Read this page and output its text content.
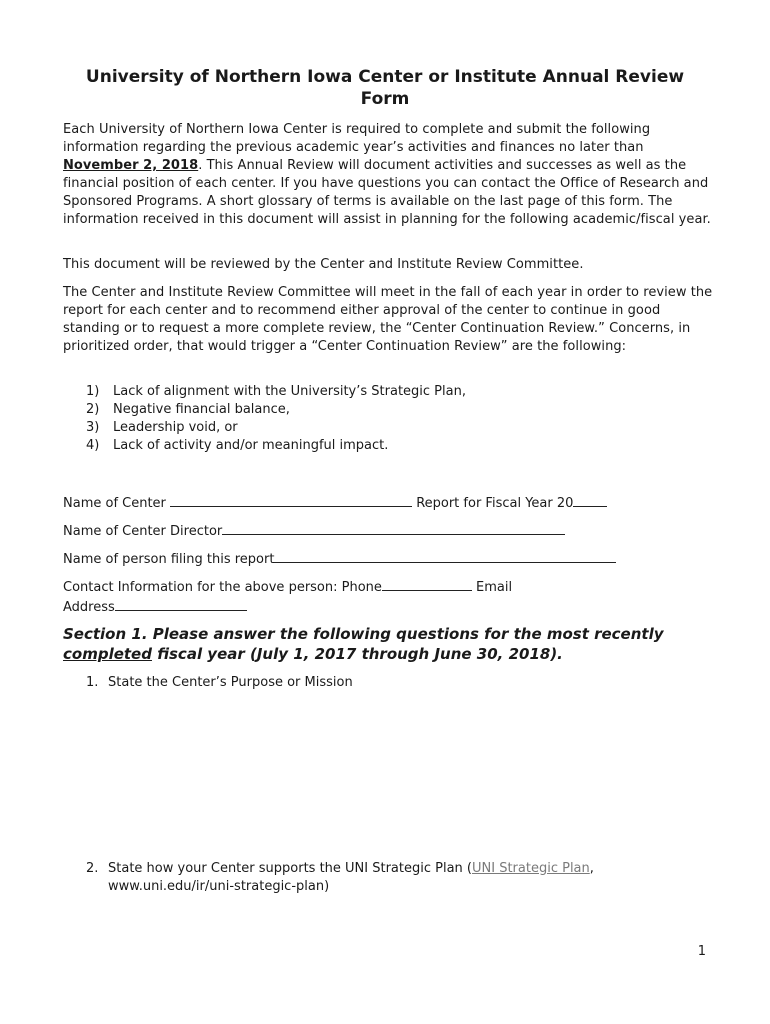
University of Northern Iowa Center or Institute Annual Review Form
Each University of Northern Iowa Center is required to complete and submit the following information regarding the previous academic year’s activities and finances no later than November 2, 2018. This Annual Review will document activities and successes as well as the financial position of each center. If you have questions you can contact the Office of Research and Sponsored Programs. A short glossary of terms is available on the last page of this form. The information received in this document will assist in planning for the following academic/fiscal year.
This document will be reviewed by the Center and Institute Review Committee.
The Center and Institute Review Committee will meet in the fall of each year in order to review the report for each center and to recommend either approval of the center to continue in good standing or to request a more complete review, the “Center Continuation Review.” Concerns, in prioritized order, that would trigger a “Center Continuation Review” are the following:
1)	Lack of alignment with the University’s Strategic Plan,
2)	Negative financial balance,
3)	Leadership void, or
4)	Lack of activity and/or meaningful impact.
Name of Center	Report for Fiscal Year 20
Name of Center Director
Name of person filing this report
Contact Information for the above person: Phone	Email
Address
Section 1. Please answer the following questions for the most recently
completed fiscal year (July 1, 2017 through June 30, 2018).
1. State the Center’s Purpose or Mission
2. State how your Center supports the UNI Strategic Plan (UNI Strategic Plan,
www.uni.edu/ir/uni-strategic-plan)
1
